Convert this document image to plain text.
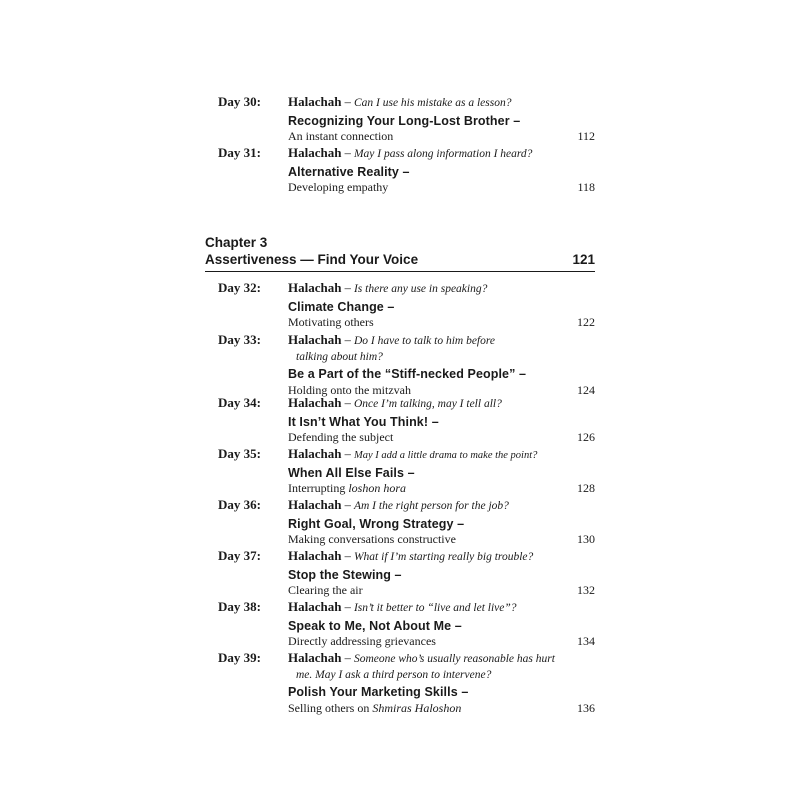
Day 30: Halachah – Can I use his mistake as a lesson?
Recognizing Your Long-Lost Brother –
An instant connection	112
Day 31: Halachah – May I pass along information I heard?
Alternative Reality –
Developing empathy	118
Chapter 3
Assertiveness — Find Your Voice	121
Day 32: Halachah – Is there any use in speaking?
Climate Change –
Motivating others	122
Day 33: Halachah – Do I have to talk to him before
talking about him?
Be a Part of the “Stiff-necked People” –
Holding onto the mitzvah	124
Day 34: Halachah – Once I’m talking, may I tell all?
It Isn’t What You Think! –
Defending the subject	126
Day 35: Halachah – May I add a little drama to make the point?
When All Else Fails –
Interrupting loshon hora	128
Day 36: Halachah – Am I the right person for the job?
Right Goal, Wrong Strategy –
Making conversations constructive	130
Day 37: Halachah – What if I’m starting really big trouble?
Stop the Stewing –
Clearing the air	132
Day 38: Halachah – Isn’t it better to “live and let live”?
Speak to Me, Not About Me –
Directly addressing grievances	134
Day 39: Halachah – Someone who’s usually reasonable has hurt
me. May I ask a third person to intervene?
Polish Your Marketing Skills –
Selling others on Shmiras Haloshon	136
